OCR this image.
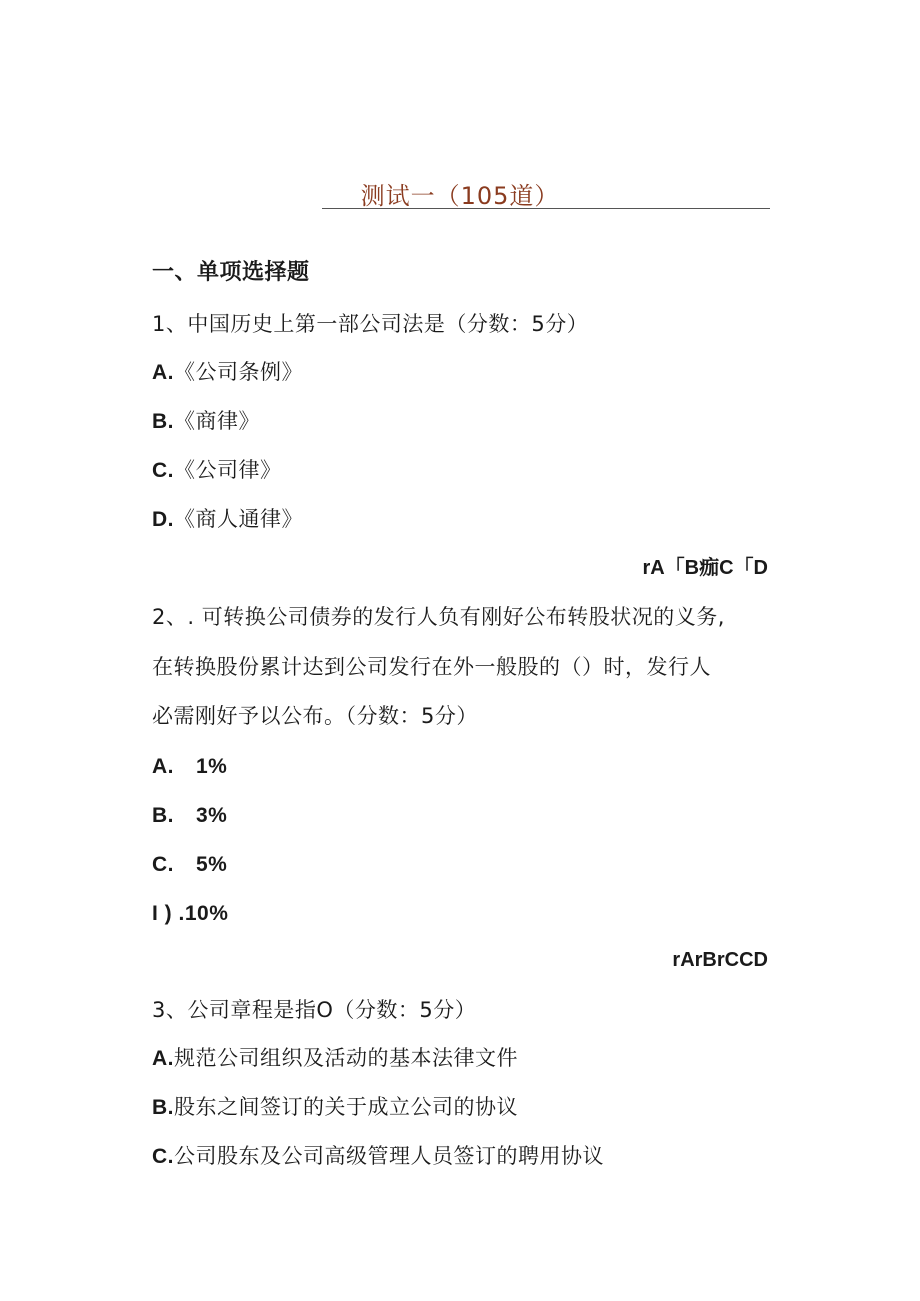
测试一（105道）
一、单项选择题
1、中国历史上第一部公司法是（分数：5分）
A.《公司条例》
B.《商律》
C.《公司律》
D.《商人通律》
rA「B痂C「D
2、. 可转换公司债券的发行人负有刚好公布转股状况的义务,
在转换股份累计达到公司发行在外一般股的（）时，发行人
必需刚好予以公布。（分数：5分）
A. 1%
B. 3%
C. 5%
I ) .10%
rArBrCCD
3、公司章程是指O（分数：5分）
A.规范公司组织及活动的基本法律文件
B.股东之间签订的关于成立公司的协议
C.公司股东及公司高级管理人员签订的聘用协议
